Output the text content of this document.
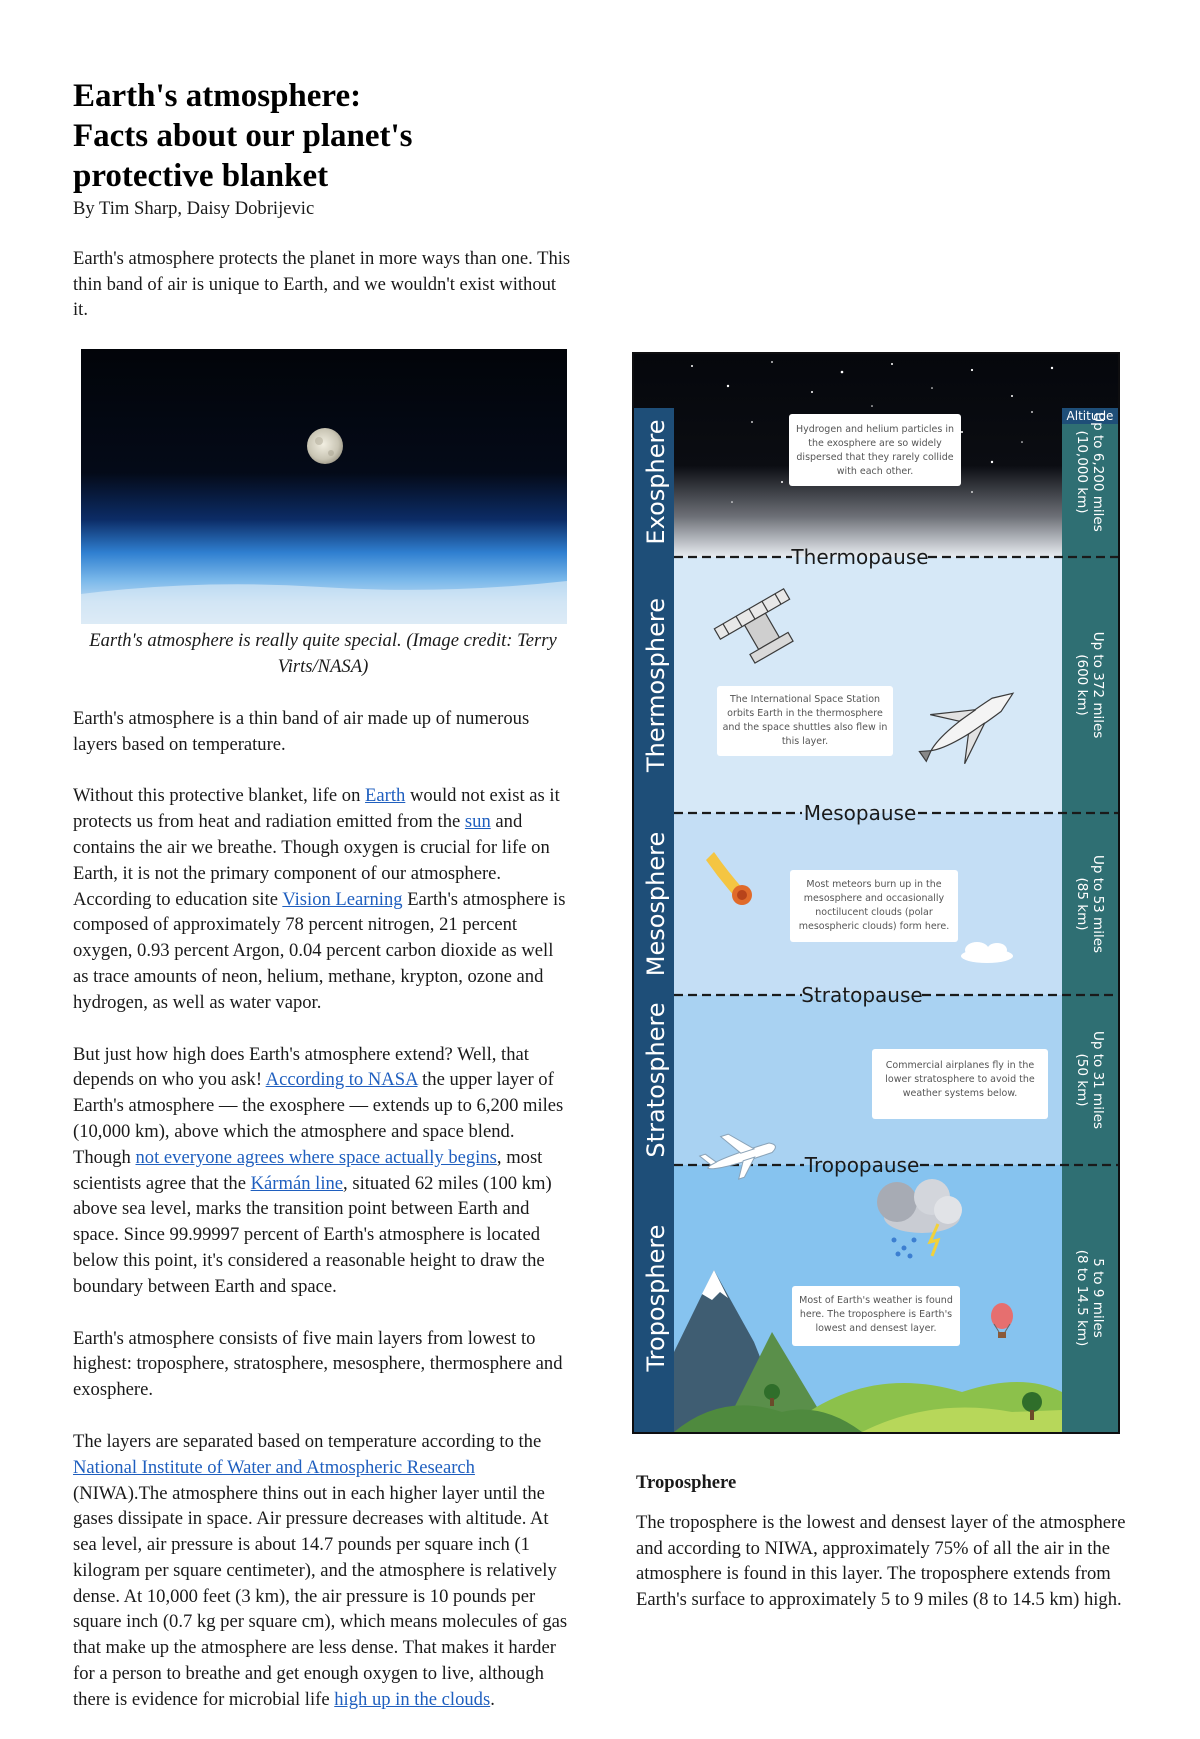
Earth's atmosphere:
Facts about our planet's
protective blanket
By Tim Sharp, Daisy Dobrijevic

Earth's atmosphere protects the planet in more ways than one. This thin band of air is unique to Earth, and we wouldn't exist without it.

Earth's atmosphere is really quite special. (Image credit: Terry Virts/NASA)

Earth's atmosphere is a thin band of air made up of numerous layers based on temperature.

Without this protective blanket, life on Earth would not exist as it protects us from heat and radiation emitted from the sun and contains the air we breathe. Though oxygen is crucial for life on Earth, it is not the primary component of our atmosphere. According to education site Vision Learning Earth's atmosphere is composed of approximately 78 percent nitrogen, 21 percent oxygen, 0.93 percent Argon, 0.04 percent carbon dioxide as well as trace amounts of neon, helium, methane, krypton, ozone and hydrogen, as well as water vapor.

But just how high does Earth's atmosphere extend? Well, that depends on who you ask! According to NASA the upper layer of Earth's atmosphere — the exosphere — extends up to 6,200 miles (10,000 km), above which the atmosphere and space blend. Though not everyone agrees where space actually begins, most scientists agree that the Kármán line, situated 62 miles (100 km) above sea level, marks the transition point between Earth and space. Since 99.99997 percent of Earth's atmosphere is located below this point, it's considered a reasonable height to draw the boundary between Earth and space.

Earth's atmosphere consists of five main layers from lowest to highest: troposphere, stratosphere, mesosphere, thermosphere and exosphere.

The layers are separated based on temperature according to the National Institute of Water and Atmospheric Research (NIWA).The atmosphere thins out in each higher layer until the gases dissipate in space. Air pressure decreases with altitude. At sea level, air pressure is about 14.7 pounds per square inch (1 kilogram per square centimeter), and the atmosphere is relatively dense. At 10,000 feet (3 km), the air pressure is 10 pounds per square inch (0.7 kg per square cm), which means molecules of gas that make up the atmosphere are less dense. That makes it harder for a person to breathe and get enough oxygen to live, although there is evidence for microbial life high up in the clouds.

Altitude
Exosphere
Thermosphere
Mesosphere
Stratosphere
Troposphere
Up to 6,200 miles
(10,000 km)
Up to 372 miles
(600 km)
Up to 53 miles
(85 km)
Up to 31 miles
(50 km)
5 to 9 miles
(8 to 14.5 km)
Thermopause
Mesopause
Stratopause
Tropopause
Hydrogen and helium particles in
the exosphere are so widely
dispersed that they rarely collide
with each other.
The International Space Station
orbits Earth in the thermosphere
and the space shuttles also flew in
this layer.
Most meteors burn up in the
mesosphere and occasionally
noctilucent clouds (polar
mesospheric clouds) form here.
Commercial airplanes fly in the
lower stratosphere to avoid the
weather systems below.
Most of Earth's weather is found
here. The troposphere is Earth's
lowest and densest layer.
Troposphere

The troposphere is the lowest and densest layer of the atmosphere and according to NIWA, approximately 75% of all the air in the atmosphere is found in this layer. The troposphere extends from Earth's surface to approximately 5 to 9 miles (8 to 14.5 km) high.
